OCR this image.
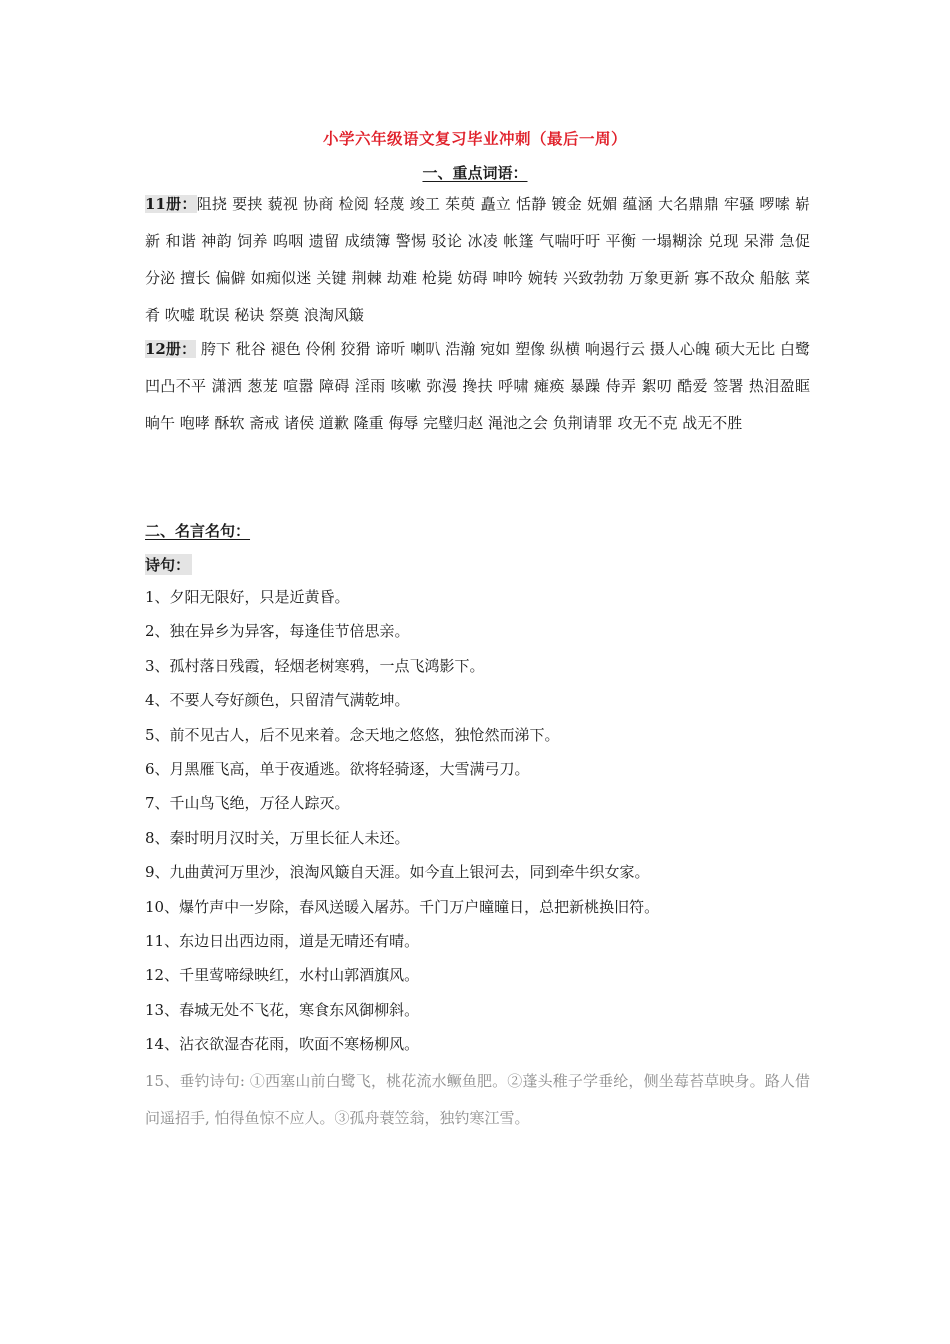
小学六年级语文复习毕业冲刺（最后一周）
一、重点词语：
11册：阻挠 要挟 藐视 协商 检阅 轻蔑 竣工 茱萸 矗立 恬静 镀金 妩媚 蕴涵 大名鼎鼎 牢骚 啰嗦 崭新 和谐 神韵 饲养 呜咽 遗留 成绩簿 警惕 驳论 冰凌 帐篷 气喘吁吁 平衡 一塌糊涂 兑现 呆滞 急促 分泌 擅长 偏僻 如痴似迷 关键 荆棘 劫难 枪毙 妨碍 呻吟 婉转 兴致勃勃 万象更新 寡不敌众 船舷 菜肴 吹嘘 耽误 秘诀 祭奠 浪淘风簸
12册： 胯下 秕谷 褪色 伶俐 狡猾 谛听 喇叭 浩瀚 宛如 塑像 纵横 响遏行云 摄人心魄 硕大无比 白鹭 凹凸不平 潇洒 葱茏 喧嚣 障碍 淫雨 咳嗽 弥漫 搀扶 呼啸 瘫痪 暴躁 侍弄 絮叨 酷爱 签署 热泪盈眶 晌午 咆哮 酥软 斋戒 诸侯 道歉 隆重 侮辱 完璧归赵 渑池之会 负荆请罪 攻无不克 战无不胜
二、名言名句：
诗句：
1、夕阳无限好，只是近黄昏。
2、独在异乡为异客，每逢佳节倍思亲。
3、孤村落日残霞，轻烟老树寒鸦，一点飞鸿影下。
4、不要人夸好颜色，只留清气满乾坤。
5、前不见古人，后不见来着。念天地之悠悠，独怆然而涕下。
6、月黑雁飞高，单于夜遁逃。欲将轻骑逐，大雪满弓刀。
7、千山鸟飞绝，万径人踪灭。
8、秦时明月汉时关，万里长征人未还。
9、九曲黄河万里沙，浪淘风簸自天涯。如今直上银河去，同到牵牛织女家。
10、爆竹声中一岁除，春风送暖入屠苏。千门万户曈曈日，总把新桃换旧符。
11、东边日出西边雨，道是无晴还有晴。
12、千里莺啼绿映红，水村山郭酒旗风。
13、春城无处不飞花，寒食东风御柳斜。
14、沾衣欲湿杏花雨，吹面不寒杨柳风。
15、垂钓诗句: ①西塞山前白鹭飞，桃花流水鳜鱼肥。②蓬头稚子学垂纶，侧坐莓苔草映身。路人借问遥招手, 怕得鱼惊不应人。③孤舟蓑笠翁，独钓寒江雪。
